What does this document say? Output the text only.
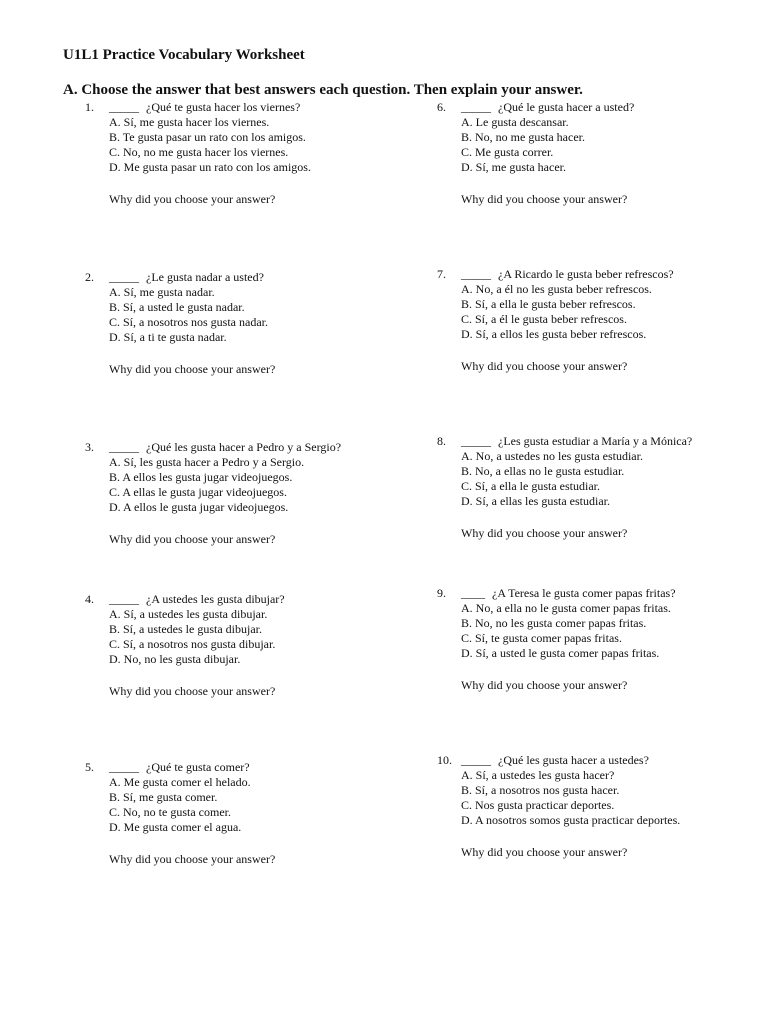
U1L1 Practice Vocabulary Worksheet
A. Choose the answer that best answers each question. Then explain your answer.
1. _____ ¿Qué te gusta hacer los viernes?
A. Sí, me gusta hacer los viernes.
B. Te gusta pasar un rato con los amigos.
C. No, no me gusta hacer los viernes.
D. Me gusta pasar un rato con los amigos.
Why did you choose your answer?
2. _____ ¿Le gusta nadar a usted?
A. Sí, me gusta nadar.
B. Sí, a usted le gusta nadar.
C. Sí, a nosotros nos gusta nadar.
D. Sí, a ti te gusta nadar.
Why did you choose your answer?
3. _____ ¿Qué les gusta hacer a Pedro y a Sergio?
A. Sí, les gusta hacer a Pedro y a Sergio.
B. A ellos les gusta jugar videojuegos.
C. A ellas le gusta jugar videojuegos.
D. A ellos le gusta jugar videojuegos.
Why did you choose your answer?
4. _____ ¿A ustedes les gusta dibujar?
A. Sí, a ustedes les gusta dibujar.
B. Sí, a ustedes le gusta dibujar.
C. Sí, a nosotros nos gusta dibujar.
D. No, no les gusta dibujar.
Why did you choose your answer?
5. _____ ¿Qué te gusta comer?
A. Me gusta comer el helado.
B. Sí, me gusta comer.
C. No, no te gusta comer.
D. Me gusta comer el agua.
Why did you choose your answer?
6. _____ ¿Qué le gusta hacer a usted?
A. Le gusta descansar.
B. No, no me gusta hacer.
C. Me gusta correr.
D. Sí, me gusta hacer.
Why did you choose your answer?
7. _____ ¿A Ricardo le gusta beber refrescos?
A. No, a él no les gusta beber refrescos.
B. Sí, a ella le gusta beber refrescos.
C. Sí, a él le gusta beber refrescos.
D. Sí, a ellos les gusta beber refrescos.
Why did you choose your answer?
8. _____ ¿Les gusta estudiar a María y a Mónica?
A. No, a ustedes no les gusta estudiar.
B. No, a ellas no le gusta estudiar.
C. Sí, a ella le gusta estudiar.
D. Sí, a ellas les gusta estudiar.
Why did you choose your answer?
9. ____ ¿A Teresa le gusta comer papas fritas?
A. No, a ella no le gusta comer papas fritas.
B. No, no les gusta comer papas fritas.
C. Sí, te gusta comer papas fritas.
D. Sí, a usted le gusta comer papas fritas.
Why did you choose your answer?
10. _____ ¿Qué les gusta hacer a ustedes?
A. Sí, a ustedes les gusta hacer?
B. Sí, a nosotros nos gusta hacer.
C. Nos gusta practicar deportes.
D. A nosotros somos gusta practicar deportes.
Why did you choose your answer?
